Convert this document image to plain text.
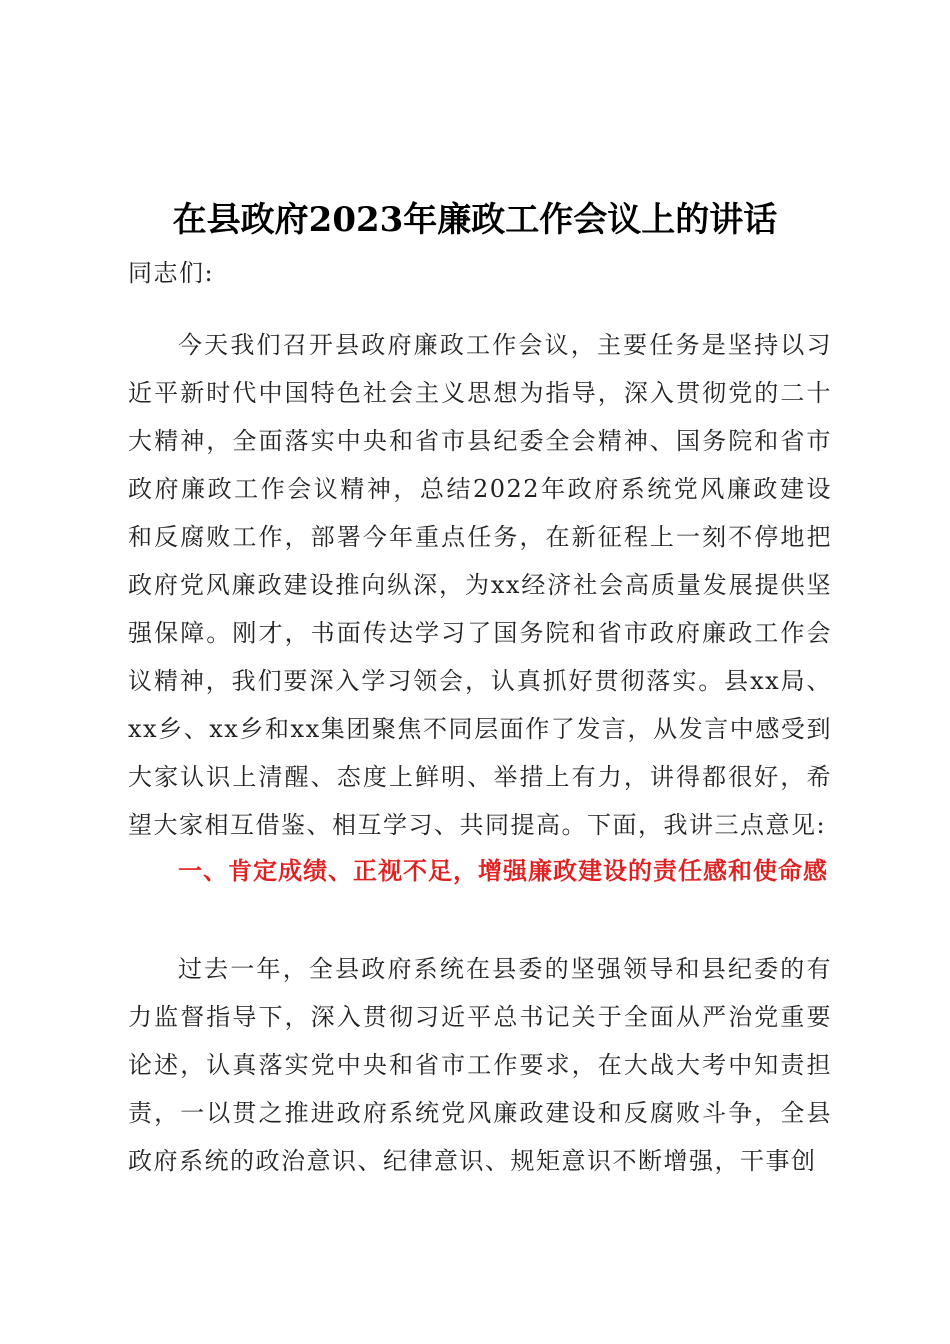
在县政府2023年廉政工作会议上的讲话
同志们:
今天我们召开县政府廉政工作会议，主要任务是坚持以习近平新时代中国特色社会主义思想为指导，深入贯彻党的二十大精神，全面落实中央和省市县纪委全会精神、国务院和省市政府廉政工作会议精神，总结2022年政府系统党风廉政建设和反腐败工作，部署今年重点任务，在新征程上一刻不停地把政府党风廉政建设推向纵深，为xx经济社会高质量发展提供坚强保障。刚才，书面传达学习了国务院和省市政府廉政工作会议精神，我们要深入学习领会，认真抓好贯彻落实。县xx局、xx乡、xx乡和xx集团聚焦不同层面作了发言，从发言中感受到大家认识上清醒、态度上鲜明、举措上有力，讲得都很好，希望大家相互借鉴、相互学习、共同提高。下面，我讲三点意见:
一、肯定成绩、正视不足，增强廉政建设的责任感和使命感
过去一年，全县政府系统在县委的坚强领导和县纪委的有力监督指导下，深入贯彻习近平总书记关于全面从严治党重要论述，认真落实党中央和省市工作要求，在大战大考中知责担责，一以贯之推进政府系统党风廉政建设和反腐败斗争，全县政府系统的政治意识、纪律意识、规矩意识不断增强，干事创
